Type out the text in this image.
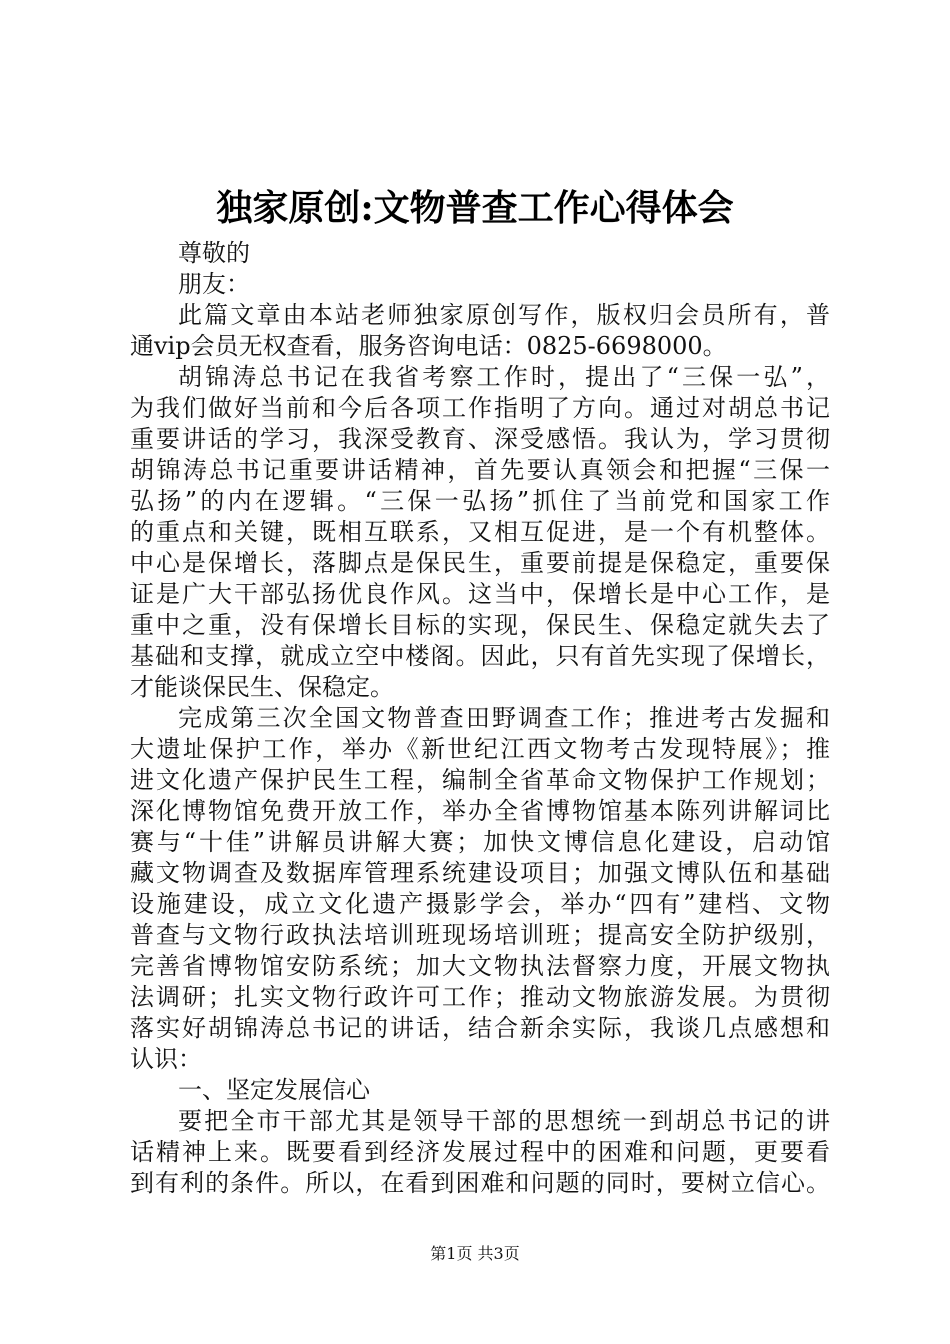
独家原创:文物普查工作心得体会
尊敬的
朋友：
此篇文章由本站老师独家原创写作，版权归会员所有，普
通vip会员无权查看，服务咨询电话：0825-6698000。
胡锦涛总书记在我省考察工作时，提出了“三保一弘”，
为我们做好当前和今后各项工作指明了方向。通过对胡总书记
重要讲话的学习，我深受教育、深受感悟。我认为，学习贯彻
胡锦涛总书记重要讲话精神，首先要认真领会和把握“三保一
弘扬”的内在逻辑。“三保一弘扬”抓住了当前党和国家工作
的重点和关键，既相互联系，又相互促进，是一个有机整体。
中心是保增长，落脚点是保民生，重要前提是保稳定，重要保
证是广大干部弘扬优良作风。这当中，保增长是中心工作，是
重中之重，没有保增长目标的实现，保民生、保稳定就失去了
基础和支撑，就成立空中楼阁。因此，只有首先实现了保增长，
才能谈保民生、保稳定。
完成第三次全国文物普查田野调查工作；推进考古发掘和
大遗址保护工作，举办《新世纪江西文物考古发现特展》；推
进文化遗产保护民生工程，编制全省革命文物保护工作规划；
深化博物馆免费开放工作，举办全省博物馆基本陈列讲解词比
赛与“十佳”讲解员讲解大赛；加快文博信息化建设，启动馆
藏文物调查及数据库管理系统建设项目；加强文博队伍和基础
设施建设，成立文化遗产摄影学会，举办“四有”建档、文物
普查与文物行政执法培训班现场培训班；提高安全防护级别，
完善省博物馆安防系统；加大文物执法督察力度，开展文物执
法调研；扎实文物行政许可工作；推动文物旅游发展。为贯彻
落实好胡锦涛总书记的讲话，结合新余实际，我谈几点感想和
认识：
一、坚定发展信心
要把全市干部尤其是领导干部的思想统一到胡总书记的讲
话精神上来。既要看到经济发展过程中的困难和问题，更要看
到有利的条件。所以，在看到困难和问题的同时，要树立信心。
第1页 共3页
